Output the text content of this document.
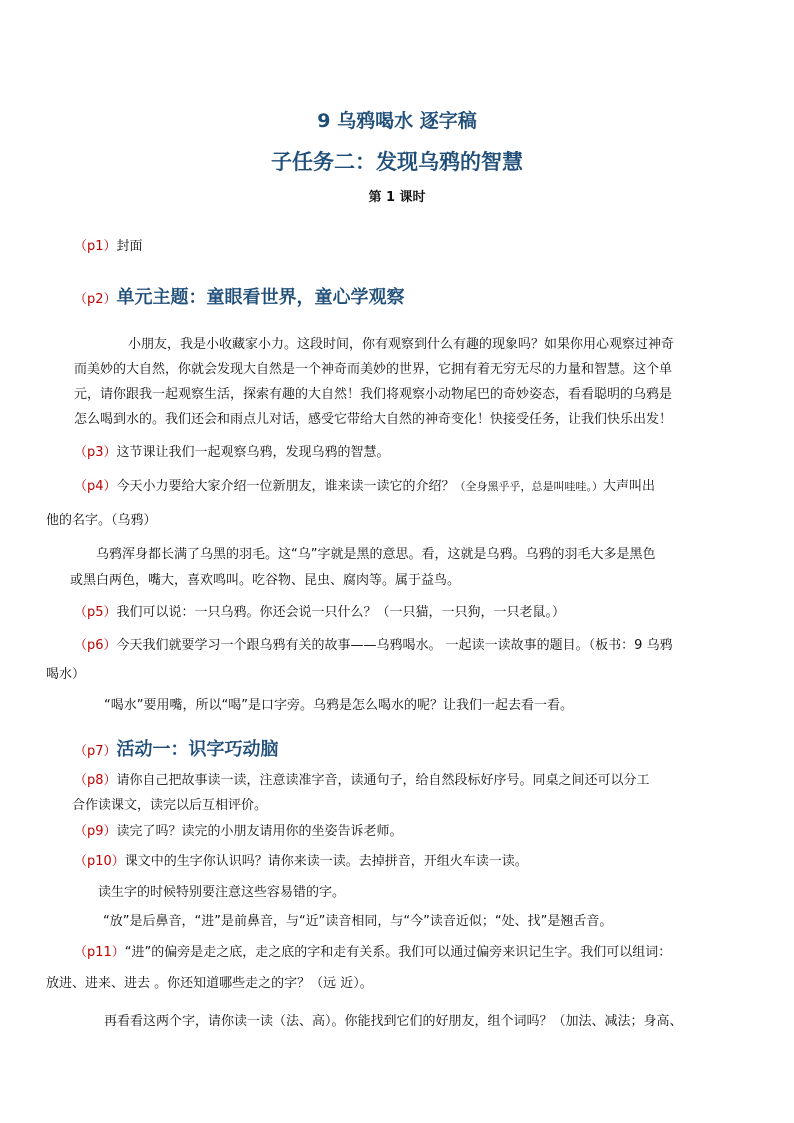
9 乌鸦喝水 逐字稿
子任务二：发现乌鸦的智慧
第 1 课时
（p1）封面
（p2）单元主题：童眼看世界，童心学观察
小朋友，我是小收藏家小力。这段时间，你有观察到什么有趣的现象吗？如果你用心观察过神奇
而美妙的大自然，你就会发现大自然是一个神奇而美妙的世界，它拥有着无穷无尽的力量和智慧。这个单
元，请你跟我一起观察生活，探索有趣的大自然！我们将观察小动物尾巴的奇妙姿态，看看聪明的乌鸦是
怎么喝到水的。我们还会和雨点儿对话，感受它带给大自然的神奇变化！快接受任务，让我们快乐出发！
（p3）这节课让我们一起观察乌鸦，发现乌鸦的智慧。
（p4）今天小力要给大家介绍一位新朋友，谁来读一读它的介绍？（全身黑乎乎，总是叫哇哇。）大声叫出
他的名字。（乌鸦）
乌鸦浑身都长满了乌黑的羽毛。这“乌”字就是黑的意思。看，这就是乌鸦。乌鸦的羽毛大多是黑色
或黑白两色，嘴大，喜欢鸣叫。吃谷物、昆虫、腐肉等。属于益鸟。
（p5）我们可以说：一只乌鸦。你还会说一只什么？（一只猫，一只狗，一只老鼠。）
（p6）今天我们就要学习一个跟乌鸦有关的故事——乌鸦喝水。 一起读一读故事的题目。（板书：9 乌鸦
喝水）
“喝水”要用嘴，所以“喝”是口字旁。乌鸦是怎么喝水的呢？让我们一起去看一看。
（p7）活动一：识字巧动脑
（p8）请你自己把故事读一读，注意读准字音，读通句子，给自然段标好序号。同桌之间还可以分工
合作读课文，读完以后互相评价。
（p9）读完了吗？读完的小朋友请用你的坐姿告诉老师。
（p10）课文中的生字你认识吗？请你来读一读。去掉拼音，开组火车读一读。
读生字的时候特别要注意这些容易错的字。
“放”是后鼻音，“进”是前鼻音，与“近”读音相同，与“今”读音近似；“处、找”是翘舌音。
（p11）“进”的偏旁是走之底，走之底的字和走有关系。我们可以通过偏旁来识记生字。我们可以组词：
放进、进来、进去 。你还知道哪些走之的字？（远 近）。
再看看这两个字，请你读一读（法、高）。你能找到它们的好朋友，组个词吗？（加法、减法；身高、
